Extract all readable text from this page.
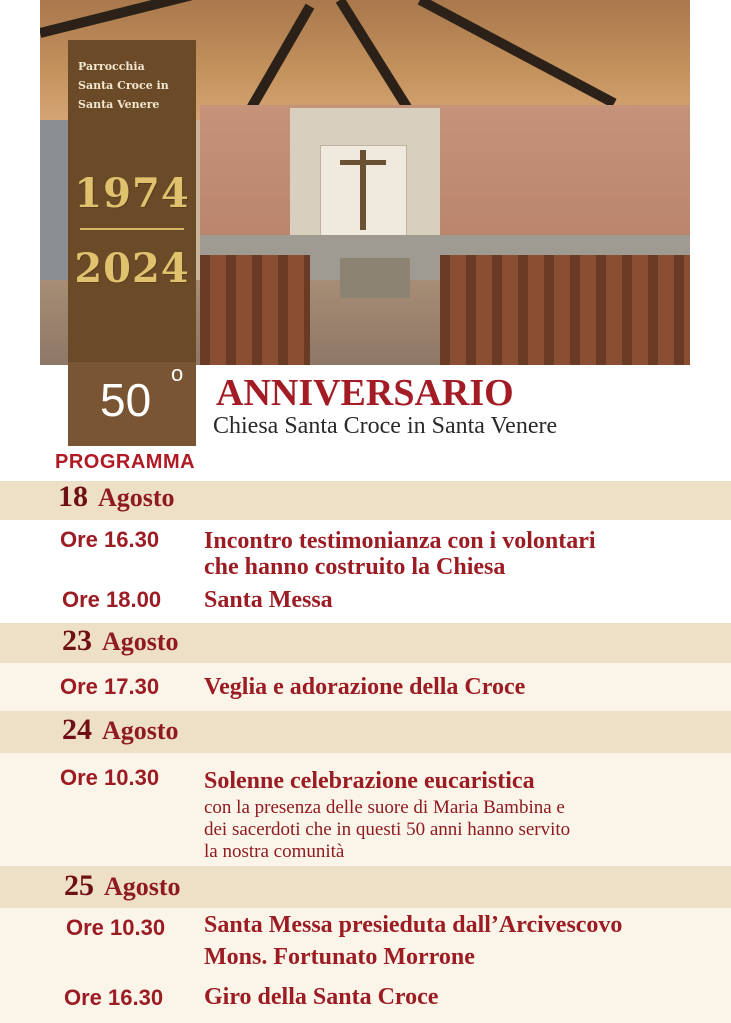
Parrocchia
Santa Croce in
Santa Venere
1974
2024
50
o ANNIVERSARIO
Chiesa Santa Croce in Santa Venere
PROGRAMMA
18 Agosto
Ore 16.30 Incontro testimonianza con i volontari
che hanno costruito la Chiesa
Ore 18.00 Santa Messa
23 Agosto
Ore 17.30 Veglia e adorazione della Croce
24 Agosto
Ore 10.30 Solenne celebrazione eucaristica
con la presenza delle suore di Maria Bambina e
dei sacerdoti che in questi 50 anni hanno servito
la nostra comunità
25 Agosto
Ore 10.30 Santa Messa presieduta dall’Arcivescovo
Mons. Fortunato Morrone
Ore 16.30 Giro della Santa Croce
